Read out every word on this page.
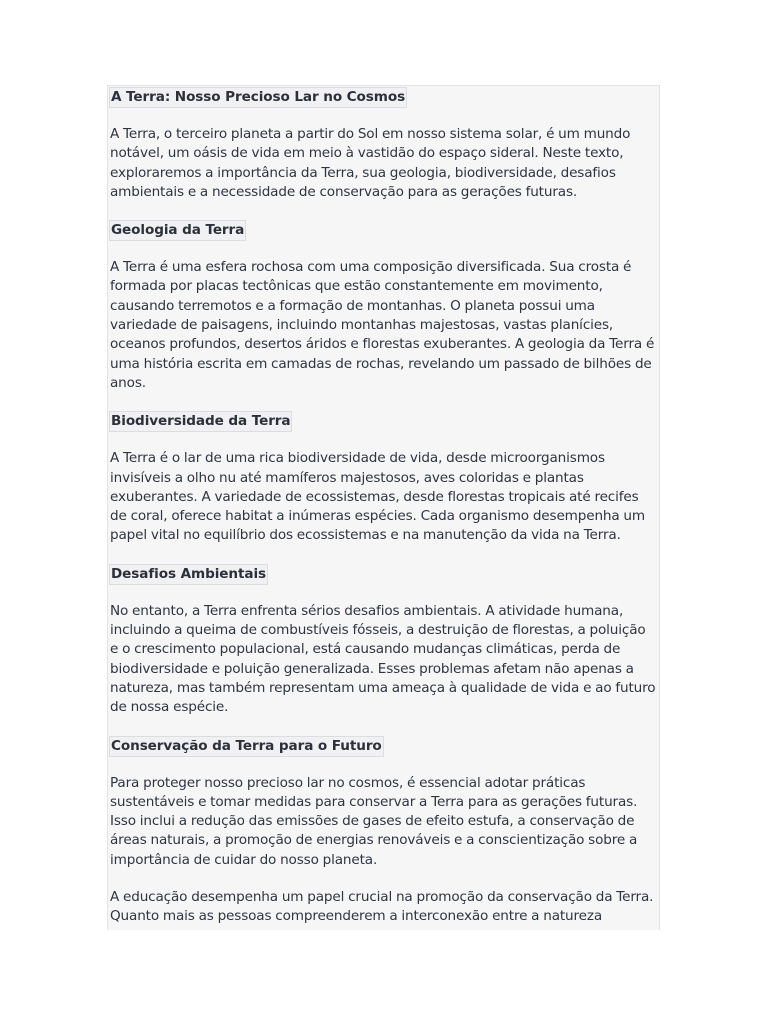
A Terra: Nosso Precioso Lar no Cosmos

A Terra, o terceiro planeta a partir do Sol em nosso sistema solar, é um mundo notável, um oásis de vida em meio à vastidão do espaço sideral. Neste texto, exploraremos a importância da Terra, sua geologia, biodiversidade, desafios ambientais e a necessidade de conservação para as gerações futuras.

Geologia da Terra

A Terra é uma esfera rochosa com uma composição diversificada. Sua crosta é formada por placas tectônicas que estão constantemente em movimento, causando terremotos e a formação de montanhas. O planeta possui uma variedade de paisagens, incluindo montanhas majestosas, vastas planícies, oceanos profundos, desertos áridos e florestas exuberantes. A geologia da Terra é uma história escrita em camadas de rochas, revelando um passado de bilhões de anos.

Biodiversidade da Terra

A Terra é o lar de uma rica biodiversidade de vida, desde microorganismos invisíveis a olho nu até mamíferos majestosos, aves coloridas e plantas exuberantes. A variedade de ecossistemas, desde florestas tropicais até recifes de coral, oferece habitat a inúmeras espécies. Cada organismo desempenha um papel vital no equilíbrio dos ecossistemas e na manutenção da vida na Terra.

Desafios Ambientais

No entanto, a Terra enfrenta sérios desafios ambientais. A atividade humana, incluindo a queima de combustíveis fósseis, a destruição de florestas, a poluição e o crescimento populacional, está causando mudanças climáticas, perda de biodiversidade e poluição generalizada. Esses problemas afetam não apenas a natureza, mas também representam uma ameaça à qualidade de vida e ao futuro de nossa espécie.

Conservação da Terra para o Futuro

Para proteger nosso precioso lar no cosmos, é essencial adotar práticas sustentáveis e tomar medidas para conservar a Terra para as gerações futuras. Isso inclui a redução das emissões de gases de efeito estufa, a conservação de áreas naturais, a promoção de energias renováveis e a conscientização sobre a importância de cuidar do nosso planeta.

A educação desempenha um papel crucial na promoção da conservação da Terra. Quanto mais as pessoas compreenderem a interconexão entre a natureza
